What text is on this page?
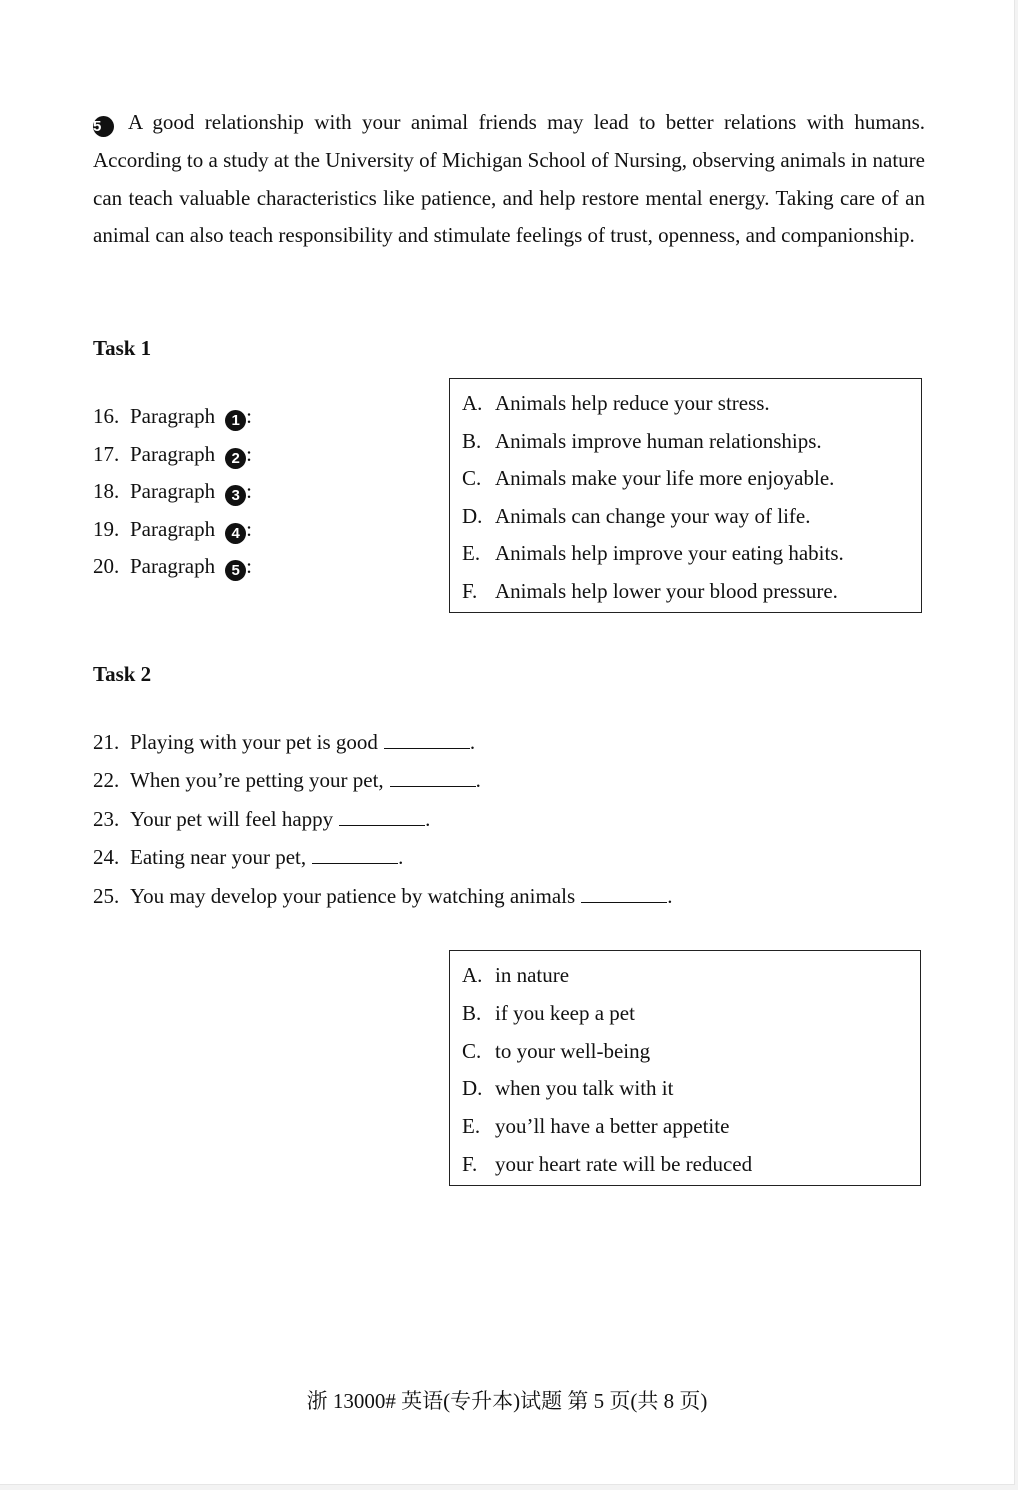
5 A good relationship with your animal friends may lead to better relations with humans. According to a study at the University of Michigan School of Nursing, observing animals in nature can teach valuable characteristics like patience, and help restore mental energy. Taking care of an animal can also teach responsibility and stimulate feelings of trust, openness, and companionship.
Task 1
16. Paragraph 1 :
17. Paragraph 2 :
18. Paragraph 3 :
19. Paragraph 4 :
20. Paragraph 5 :
A. Animals help reduce your stress.
B. Animals improve human relationships.
C. Animals make your life more enjoyable.
D. Animals can change your way of life.
E. Animals help improve your eating habits.
F. Animals help lower your blood pressure.
Task 2
21. Playing with your pet is good	.
22. When you’re petting your pet,	.
23. Your pet will feel happy	.
24. Eating near your pet,	.
25. You may develop your patience by watching animals	.
A. in nature
B. if you keep a pet
C. to your well-being
D. when you talk with it
E. you’ll have a better appetite
F. your heart rate will be reduced
浙 13000# 英语(专升本)试题 第 5 页(共 8 页)
